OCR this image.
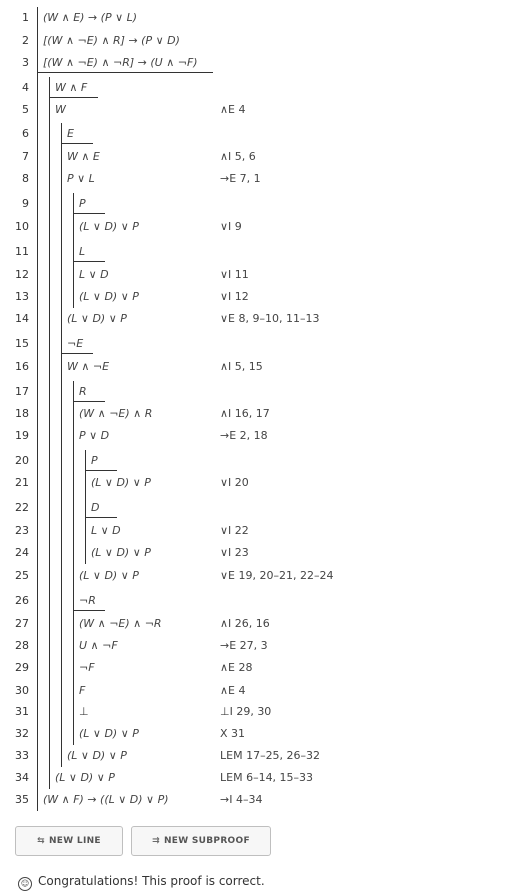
1 (W ∧ E) → (P ∨ L)
2 [(W ∧ ¬E) ∧ R] → (P ∨ D)
3 [(W ∧ ¬E) ∧ ¬R] → (U ∧ ¬F)
4 W ∧ F
5 W	∧E 4
6	E
7	W ∧ E	∧I 5, 6
8	P ∨ L	→E 7, 1
9	P
10	(L ∨ D) ∨ P	∨I 9
11	L
12	L ∨ D	∨I 11
13	(L ∨ D) ∨ P	∨I 12
14	(L ∨ D) ∨ P	∨E 8, 9–10, 11–13
15	¬E
16	W ∧ ¬E	∧I 5, 15
17	R
18	(W ∧ ¬E) ∧ R	∧I 16, 17
19	P ∨ D	→E 2, 18
20	P
21	(L ∨ D) ∨ P	∨I 20
22	D
23	L ∨ D	∨I 22
24	(L ∨ D) ∨ P	∨I 23
25	(L ∨ D) ∨ P	∨E 19, 20–21, 22–24
26	¬R
27	(W ∧ ¬E) ∧ ¬R	∧I 26, 16
28	U ∧ ¬F	→E 27, 3
29	¬F	∧E 28
30	F	∧E 4
31	⊥	⊥I 29, 30
32	(L ∨ D) ∨ P	X 31
33	(L ∨ D) ∨ P	LEM 17–25, 26–32
34 (L ∨ D) ∨ P	LEM 6–14, 15–33
35 (W ∧ F) → ((L ∨ D) ∨ P)	→I 4–34
⇆ NEW LINE	⇉ NEW SUBPROOF
☺ Congratulations! This proof is correct.
